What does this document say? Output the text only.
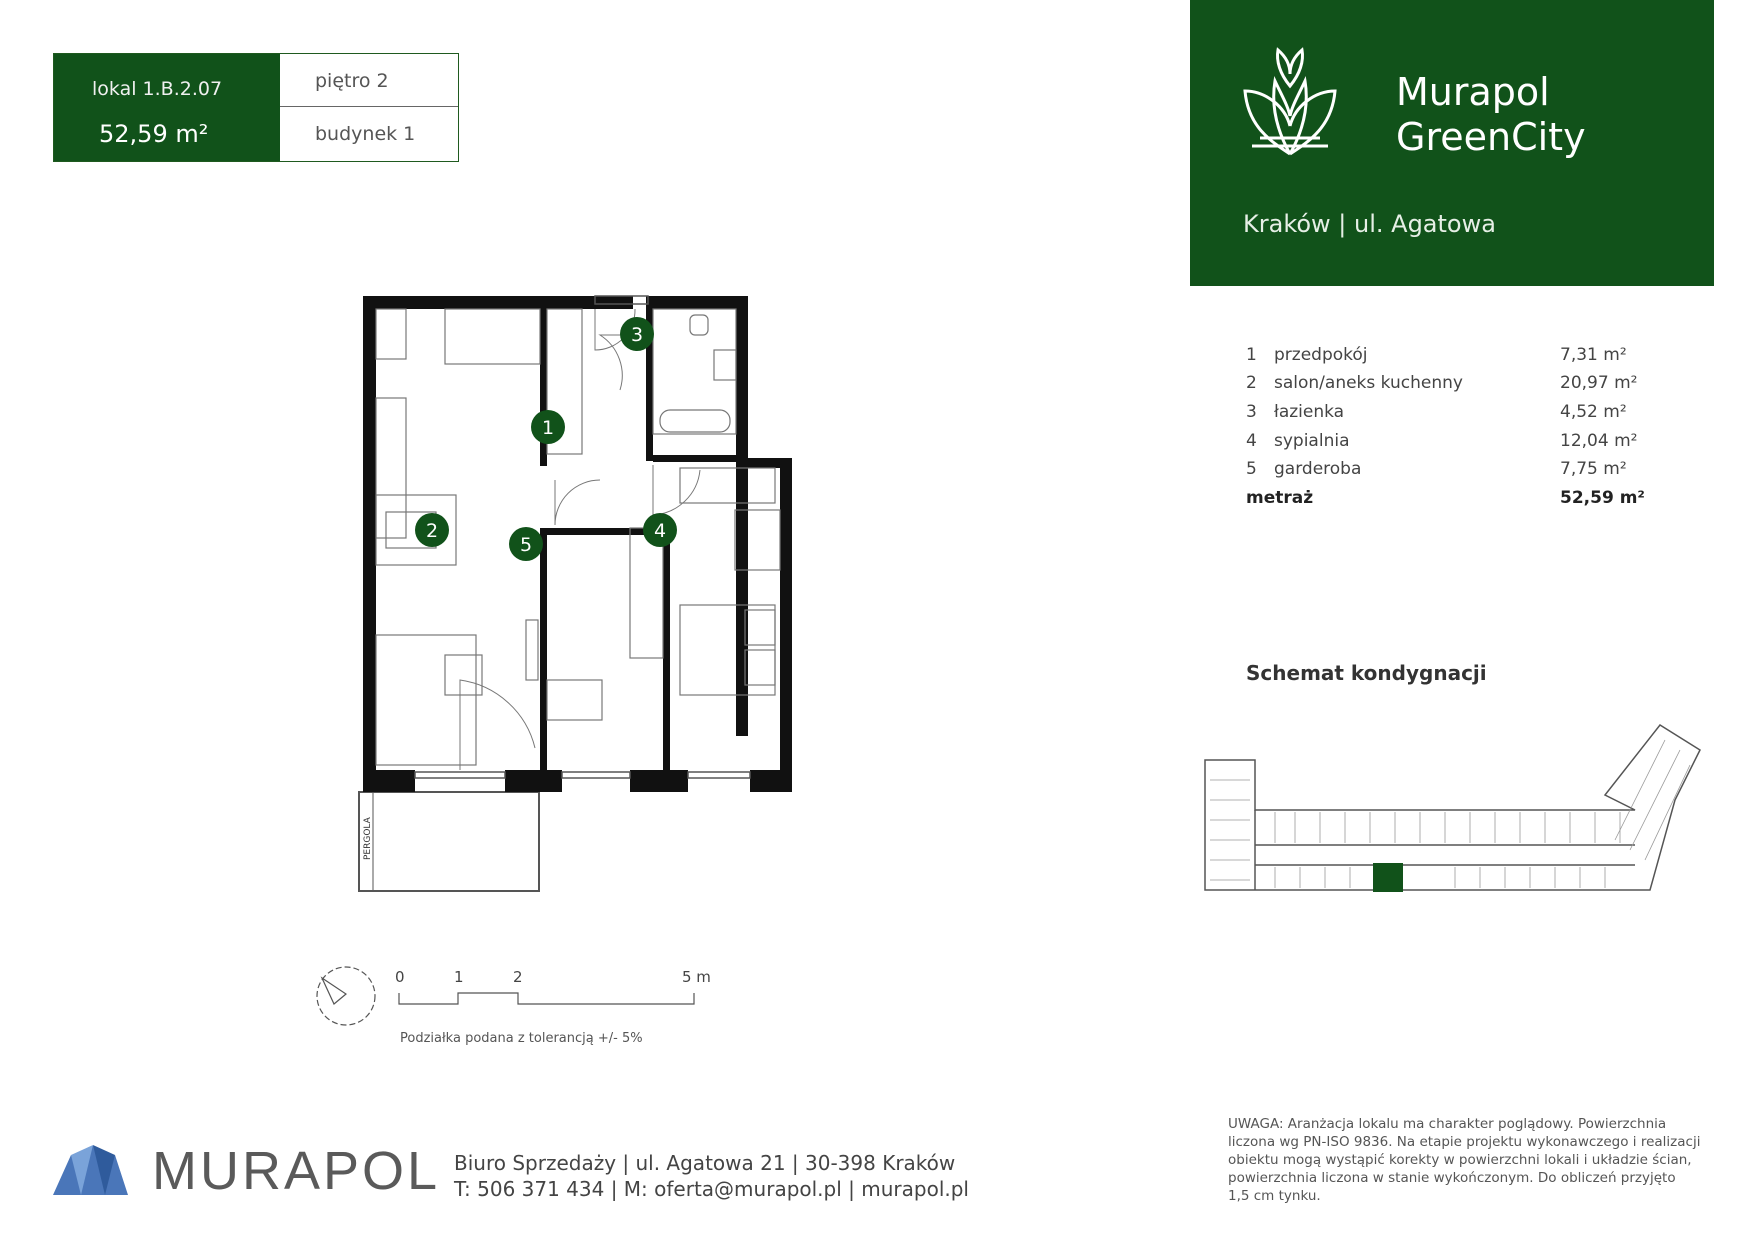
lokal 1.B.2.07
52,59 m²
piętro 2
budynek 1
Murapol
GreenCity
Kraków | ul. Agatowa
1 przedpokój	7,31 m²
2 salon/aneks kuchenny	20,97 m²
3 łazienka	4,52 m²
4 sypialnia	12,04 m²
5 garderoba	7,75 m²
metraż	52,59 m²
Schemat kondygnacji
PERGOLA
1
2
3
4
5
0	1	2	5 m
Podziałka podana z tolerancją +/- 5%
MURAPOL Biuro Sprzedaży | ul. Agatowa 21 | 30-398 Kraków
T: 506 371 434 | M: oferta@murapol.pl | murapol.pl
UWAGA: Aranżacja lokalu ma charakter poglądowy. Powierzchnia
liczona wg PN-ISO 9836. Na etapie projektu wykonawczego i realizacji
obiektu mogą wystąpić korekty w powierzchni lokali i układzie ścian,
powierzchnia liczona w stanie wykończonym. Do obliczeń przyjęto
1,5 cm tynku.
